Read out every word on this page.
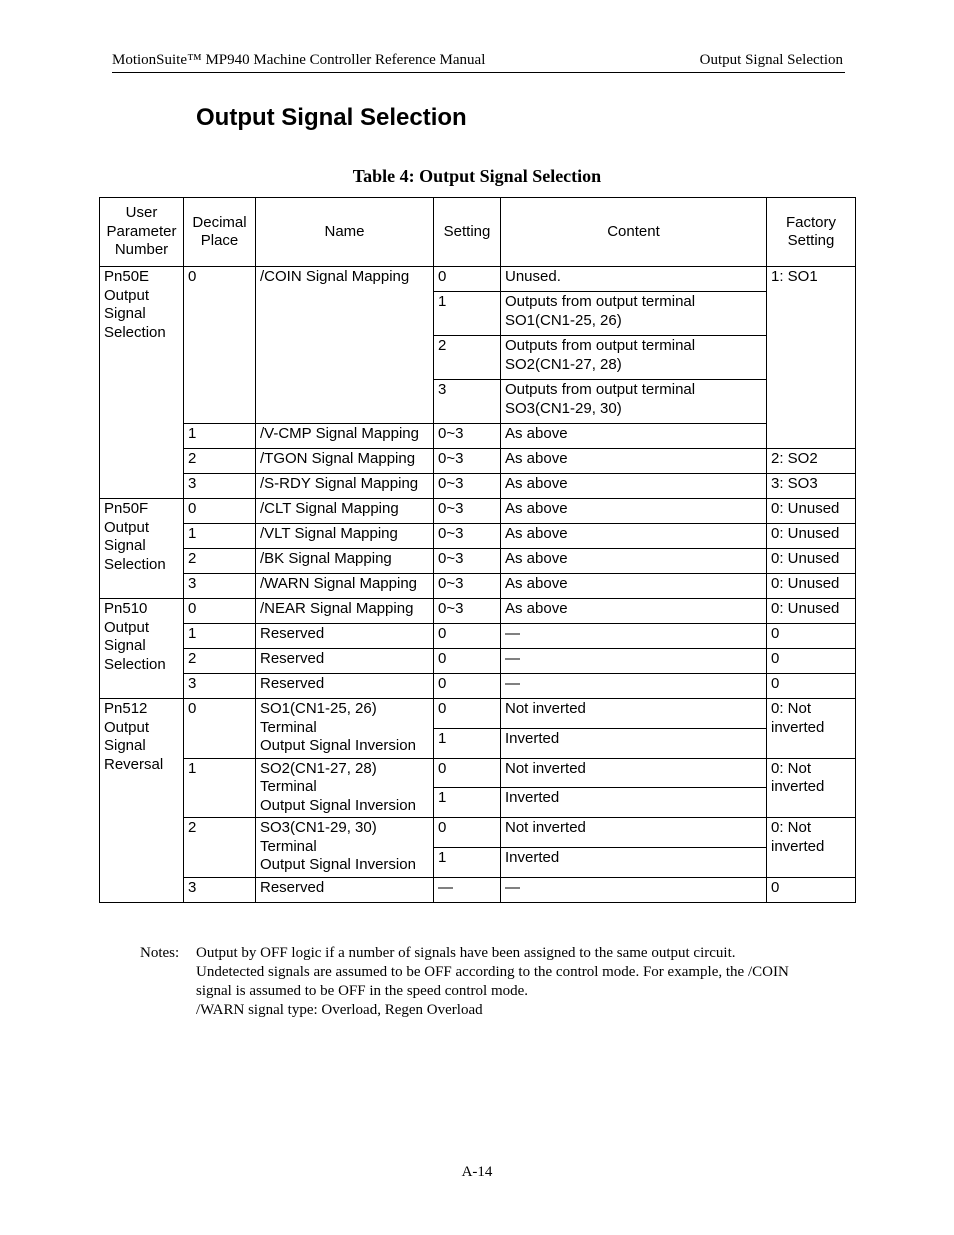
MotionSuite™ MP940 Machine Controller Reference Manual	Output Signal Selection
Output Signal Selection
Table 4: Output Signal Selection
User
Parameter
Number	Decimal
Place	Name	Setting	Content	Factory
Setting
Pn50E
Output
Signal
Selection	0	/COIN Signal Mapping	0	Unused.	1: SO1
			1	Outputs from output terminal
SO1(CN1-25, 26)	
			2	Outputs from output terminal
SO2(CN1-27, 28)	
			3	Outputs from output terminal
SO3(CN1-29, 30)	
	1	/V-CMP Signal Mapping	0~3	As above	
	2	/TGON Signal Mapping	0~3	As above	2: SO2
	3	/S-RDY Signal Mapping	0~3	As above	3: SO3
Pn50F
Output
Signal
Selection	0	/CLT Signal Mapping	0~3	As above	0: Unused
	1	/VLT Signal Mapping	0~3	As above	0: Unused
	2	/BK Signal Mapping	0~3	As above	0: Unused
	3	/WARN Signal Mapping	0~3	As above	0: Unused
Pn510
Output
Signal
Selection	0	/NEAR Signal Mapping	0~3	As above	0: Unused
	1	Reserved	0	—	0
	2	Reserved	0	—	0
	3	Reserved	0	—	0
Pn512
Output
Signal
Reversal	0	SO1(CN1-25, 26)
Terminal
Output Signal Inversion	0	Not inverted	0: Not
inverted
			1	Inverted	
	1	SO2(CN1-27, 28)
Terminal
Output Signal Inversion	0	Not inverted	0: Not
inverted
			1	Inverted	
	2	SO3(CN1-29, 30)
Terminal
Output Signal Inversion	0	Not inverted	0: Not
inverted
			1	Inverted	
	3	Reserved	—	—	0
Notes: Output by OFF logic if a number of signals have been assigned to the same output circuit.
Undetected signals are assumed to be OFF according to the control mode. For example, the /COIN
signal is assumed to be OFF in the speed control mode.
/WARN signal type: Overload, Regen Overload
A-14
